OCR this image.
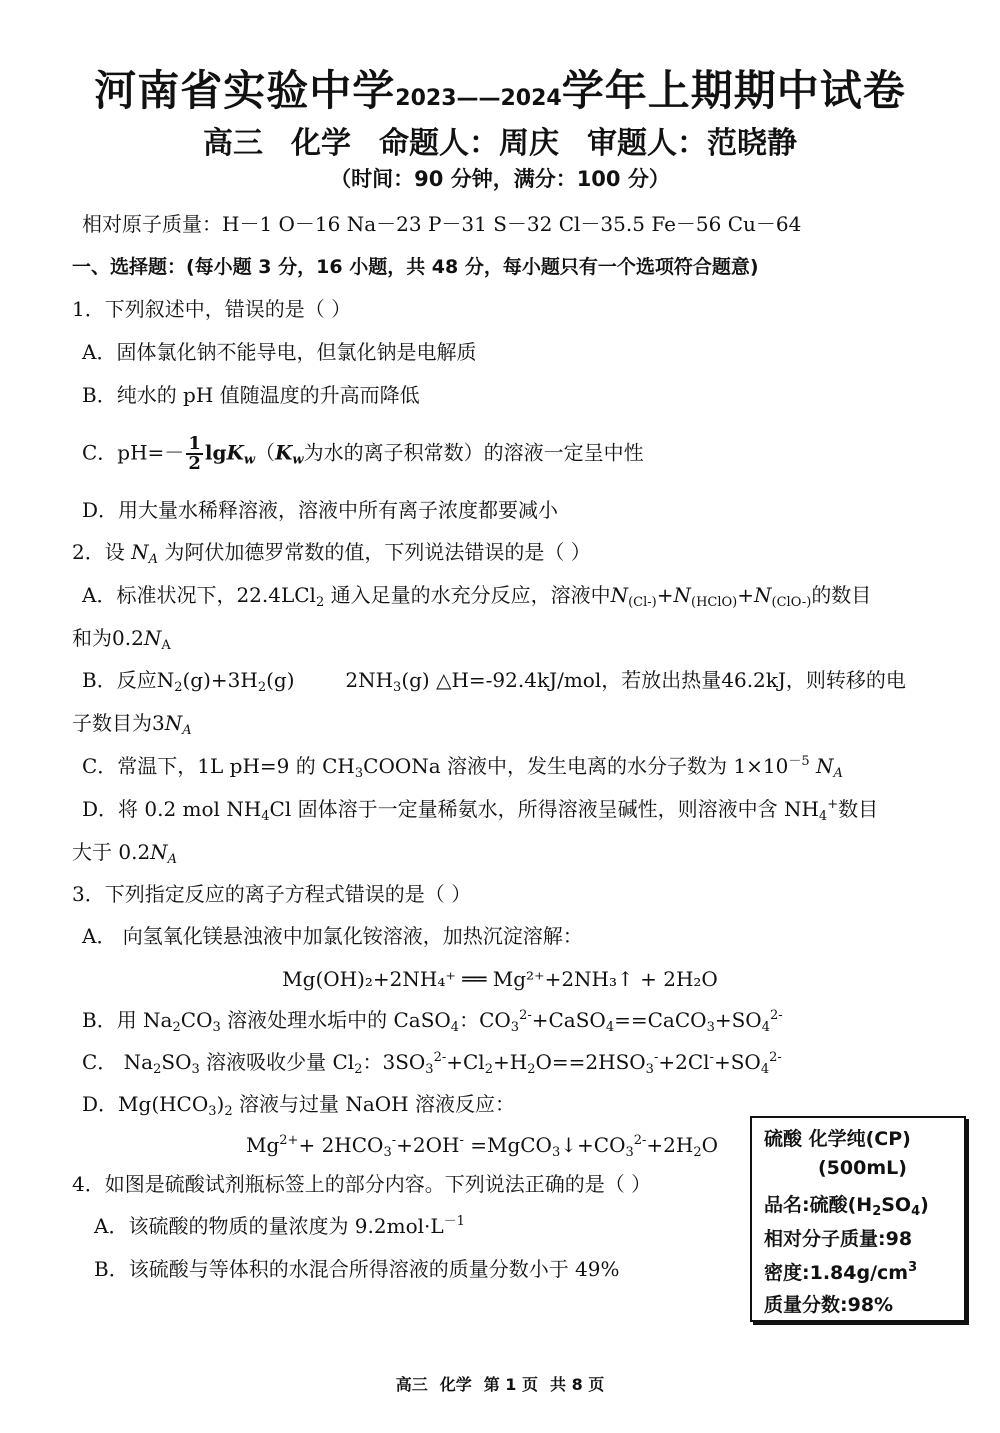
河南省实验中学2023——2024学年上期期中试卷
高三 化学 命题人：周庆 审题人：范晓静
（时间：90 分钟，满分：100 分）
相对原子质量：H－1 O－16 Na－23 P－31 S－32 Cl－35.5 Fe－56 Cu－64
一、选择题：(每小题 3 分，16 小题，共 48 分，每小题只有一个选项符合题意)
1．下列叙述中，错误的是（ ）
A．固体氯化钠不能导电，但氯化钠是电解质
B．纯水的 pH 值随温度的升高而降低
C．$pH=- \frac{1}{2} \lg K_w(K_w$为水的离子积常数）的溶液一定呈中性
D．用大量水稀释溶液，溶液中所有离子浓度都要减小
2．设 $N_A$ 为阿伏加德罗常数的值，下列说法错误的是（ ）
A．标准状况下，22.4LCl$_2$ 通入足量的水充分反应，溶液中$N_{(Cl-)}+N_{(HClO)}+N_{(ClO-)}$的数目
和为$0.2N_A$
B．反应$N_2(g)+3H_2(g)$        $2NH_3(g)$ △H=-92.4kJ/mol，若放出热量46.2kJ，则转移的电
子数目为$3N_A$
C．常温下，1L pH=9 的 $CH_3COONa$ 溶液中，发生电离的水分子数为 $1\times 10^{-5}$ $N_A$
D．将 0.2 mol $NH_4Cl$ 固体溶于一定量稀氨水，所得溶液呈碱性，则溶液中含 $NH_4^+$数目
大于 $0.2N_A$
3．下列指定反应的离子方程式错误的是（ ）
A． 向氢氧化镁悬浊液中加氯化铵溶液，加热沉淀溶解：
Mg(OH)₂+2NH₄⁺ ══ Mg²⁺+2NH₃↑ + 2H₂O
B．用 $Na_2CO_3$ 溶液处理水垢中的 CaSO$_4$：$CO_3^{2-}+CaSO_4==CaCO_3+SO_4^{2-}$
C． $Na_2SO_3$ 溶液吸收少量 $Cl_2$：$3SO_3^{2-}+Cl_2+H_2O==2HSO_3^-+2Cl^-+SO_4^{2-}$
D．$Mg(HCO_3)_2$ 溶液与过量 NaOH 溶液反应：
$Mg^{2+}+ 2HCO_3^-+2OH^-$ $=MgCO_3↓+CO_3^{2-}+2H_2O$
4．如图是硫酸试剂瓶标签上的部分内容。下列说法正确的是（ ）
A．该硫酸的物质的量浓度为 $9.2mol\cdot L^{-1}$
B．该硫酸与等体积的水混合所得溶液的质量分数小于 49%
硫酸 化学纯(CP)
(500mL)
品名:硫酸$(H_2SO_4)$
相对分子质量:98
密度$:1.84g/cm^3$
质量分数:98%
高三 化学 第 1 页 共 8 页
